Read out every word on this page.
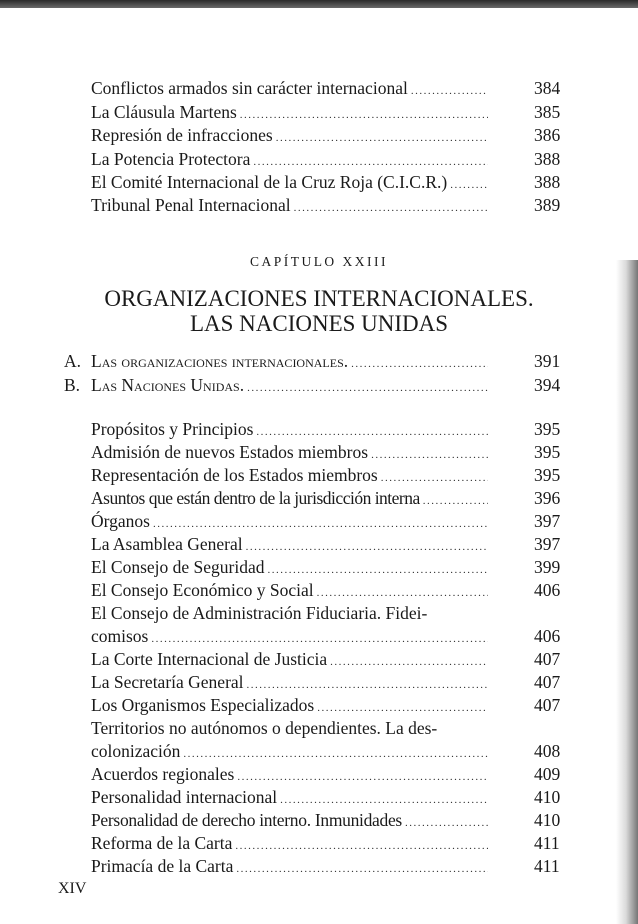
Conflictos armados sin carácter internacional .....	384
La Cláusula Martens .....	385
Represión de infracciones .....	386
La Potencia Protectora .....	388
El Comité Internacional de la Cruz Roja (C.I.C.R.) .....	388
Tribunal Penal Internacional .....	389
CAPÍTULO XXIII
ORGANIZACIONES INTERNACIONALES.
LAS NACIONES UNIDAS
A. Las organizaciones internacionales. .....	391
B. Las Naciones Unidas. .....	394
Propósitos y Principios .....	395
Admisión de nuevos Estados miembros .....	395
Representación de los Estados miembros .....	395
Asuntos que están dentro de la jurisdicción interna .....	396
Órganos .....	397
La Asamblea General .....	397
El Consejo de Seguridad .....	399
El Consejo Económico y Social .....	406
El Consejo de Administración Fiduciaria. Fidei-
comisos .....	406
La Corte Internacional de Justicia .....	407
La Secretaría General .....	407
Los Organismos Especializados .....	407
Territorios no autónomos o dependientes. La des-
colonización .....	408
Acuerdos regionales .....	409
Personalidad internacional .....	410
Personalidad de derecho interno. Inmunidades .....	410
Reforma de la Carta .....	411
Primacía de la Carta .....	411
XIV
